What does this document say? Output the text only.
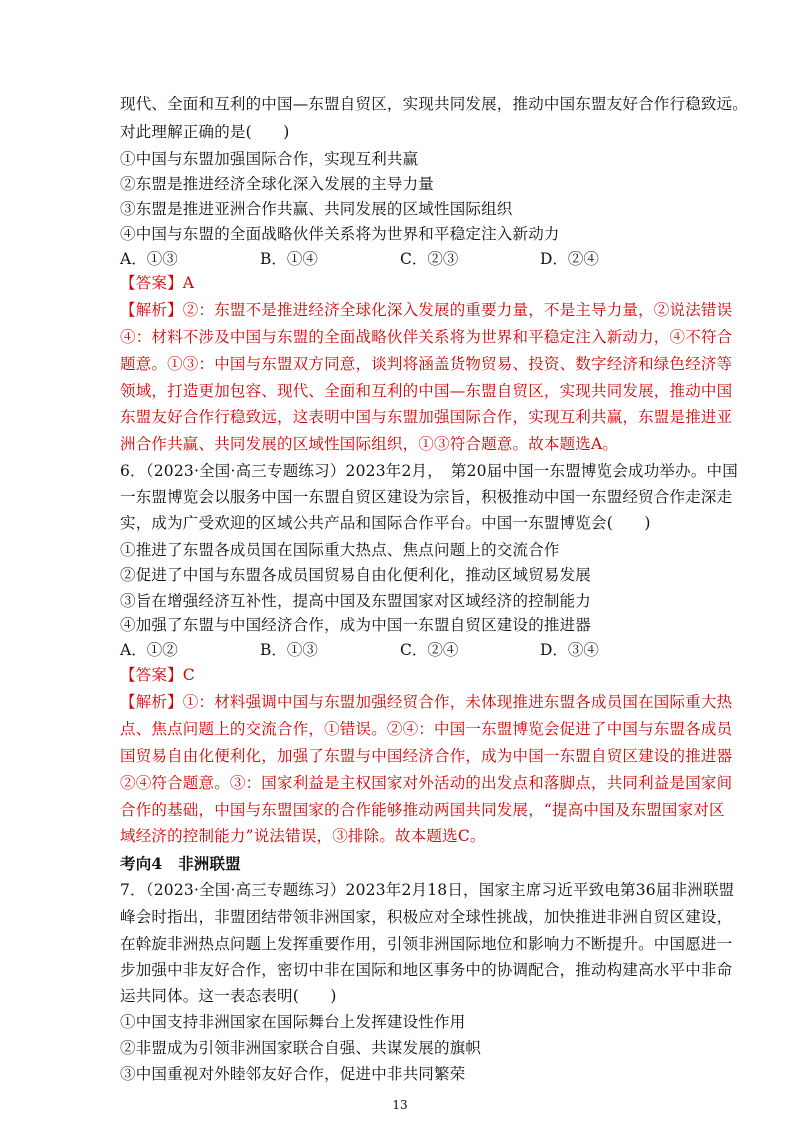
现代、全面和互利的中国—东盟自贸区，实现共同发展，推动中国东盟友好合作行稳致远。
对此理解正确的是(　　)
①中国与东盟加强国际合作，实现互利共赢
②东盟是推进经济全球化深入发展的主导力量
③东盟是推进亚洲合作共赢、共同发展的区域性国际组织
④中国与东盟的全面战略伙伴关系将为世界和平稳定注入新动力
A．①③	B．①④	C．②③	D．②④
【答案】A
【解析】②：东盟不是推进经济全球化深入发展的重要力量，不是主导力量，②说法错误
④：材料不涉及中国与东盟的全面战略伙伴关系将为世界和平稳定注入新动力，④不符合
题意。①③：中国与东盟双方同意，谈判将涵盖货物贸易、投资、数字经济和绿色经济等
领域，打造更加包容、现代、全面和互利的中国—东盟自贸区，实现共同发展，推动中国
东盟友好合作行稳致远，这表明中国与东盟加强国际合作，实现互利共赢，东盟是推进亚
洲合作共赢、共同发展的区域性国际组织，①③符合题意。故本题选A。
6．（2023·全国·高三专题练习）2023年2月，　第20届中国一东盟博览会成功举办。中国
一东盟博览会以服务中国一东盟自贸区建设为宗旨，积极推动中国一东盟经贸合作走深走
实，成为广受欢迎的区域公共产品和国际合作平台。中国一东盟博览会(　　)
①推进了东盟各成员国在国际重大热点、焦点问题上的交流合作
②促进了中国与东盟各成员国贸易自由化便利化，推动区域贸易发展
③旨在增强经济互补性，提高中国及东盟国家对区域经济的控制能力
④加强了东盟与中国经济合作，成为中国一东盟自贸区建设的推进器
A．①②	B．①③	C．②④	D．③④
【答案】C
【解析】①：材料强调中国与东盟加强经贸合作，未体现推进东盟各成员国在国际重大热
点、焦点问题上的交流合作，①错误。②④：中国一东盟博览会促进了中国与东盟各成员
国贸易自由化便利化，加强了东盟与中国经济合作，成为中国一东盟自贸区建设的推进器
②④符合题意。③：国家利益是主权国家对外活动的出发点和落脚点，共同利益是国家间
合作的基础，中国与东盟国家的合作能够推动两国共同发展，“提高中国及东盟国家对区
域经济的控制能力”说法错误，③排除。故本题选C。
考向4　非洲联盟
7．（2023·全国·高三专题练习）2023年2月18日，国家主席习近平致电第36届非洲联盟
峰会时指出，非盟团结带领非洲国家，积极应对全球性挑战，加快推进非洲自贸区建设，
在斡旋非洲热点问题上发挥重要作用，引领非洲国际地位和影响力不断提升。中国愿进一
步加强中非友好合作，密切中非在国际和地区事务中的协调配合，推动构建高水平中非命
运共同体。这一表态表明(　　)
①中国支持非洲国家在国际舞台上发挥建设性作用
②非盟成为引领非洲国家联合自强、共谋发展的旗帜
③中国重视对外睦邻友好合作，促进中非共同繁荣
13
